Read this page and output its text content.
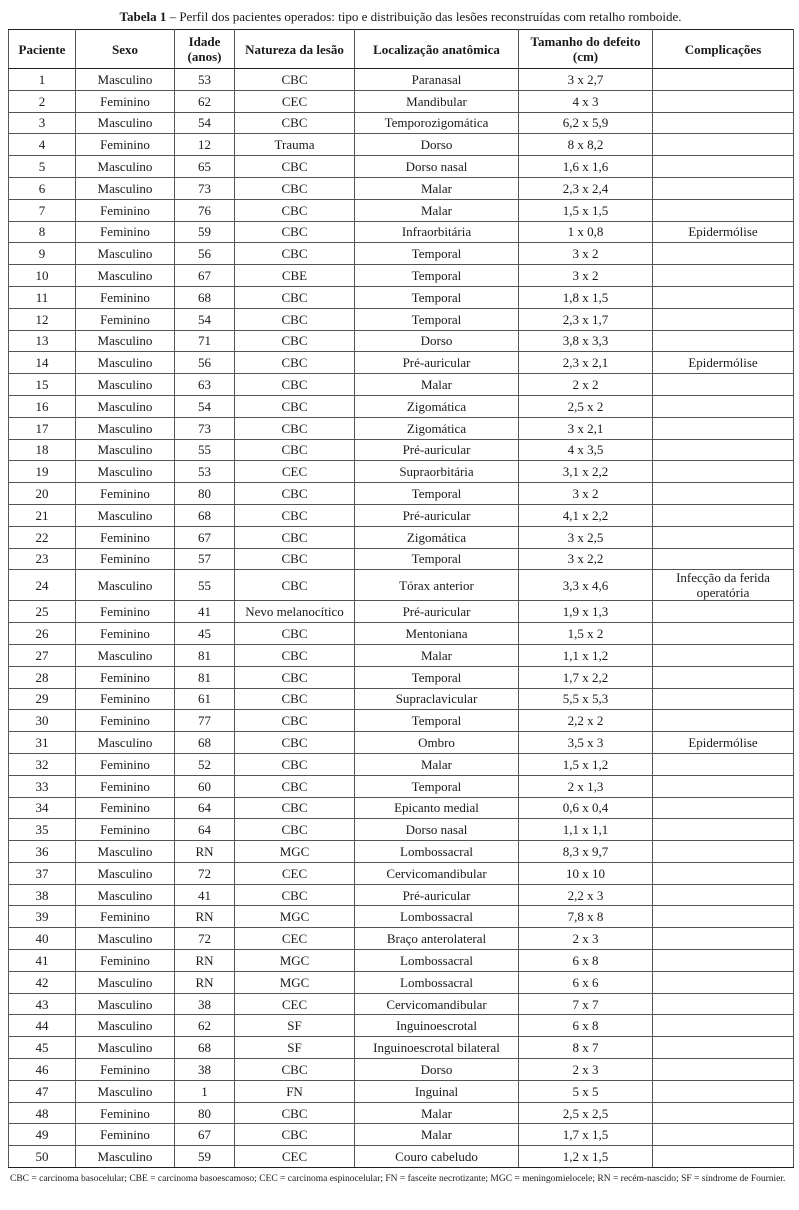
Tabela 1 – Perfil dos pacientes operados: tipo e distribuição das lesões reconstruídas com retalho romboide.
Paciente	Sexo	Idade (anos)	Natureza da lesão	Localização anatômica	Tamanho do defeito (cm)	Complicações
1	Masculino	53	CBC	Paranasal	3 x 2,7	
2	Feminino	62	CEC	Mandibular	4 x 3	
3	Masculino	54	CBC	Temporozigomática	6,2 x 5,9	
4	Feminino	12	Trauma	Dorso	8 x 8,2	
5	Masculino	65	CBC	Dorso nasal	1,6 x 1,6	
6	Masculino	73	CBC	Malar	2,3 x 2,4	
7	Feminino	76	CBC	Malar	1,5 x 1,5	
8	Feminino	59	CBC	Infraorbitária	1 x 0,8	Epidermólise
9	Masculino	56	CBC	Temporal	3 x 2	
10	Masculino	67	CBE	Temporal	3 x 2	
11	Feminino	68	CBC	Temporal	1,8 x 1,5	
12	Feminino	54	CBC	Temporal	2,3 x 1,7	
13	Masculino	71	CBC	Dorso	3,8 x 3,3	
14	Masculino	56	CBC	Pré-auricular	2,3 x 2,1	Epidermólise
15	Masculino	63	CBC	Malar	2 x 2	
16	Masculino	54	CBC	Zigomática	2,5 x 2	
17	Masculino	73	CBC	Zigomática	3 x 2,1	
18	Masculino	55	CBC	Pré-auricular	4 x 3,5	
19	Masculino	53	CEC	Supraorbitária	3,1 x 2,2	
20	Feminino	80	CBC	Temporal	3 x 2	
21	Masculino	68	CBC	Pré-auricular	4,1 x 2,2	
22	Feminino	67	CBC	Zigomática	3 x 2,5	
23	Feminino	57	CBC	Temporal	3 x 2,2	
24	Masculino	55	CBC	Tórax anterior	3,3 x 4,6	Infecção da ferida operatória
25	Feminino	41	Nevo melanocítico	Pré-auricular	1,9 x 1,3	
26	Feminino	45	CBC	Mentoniana	1,5 x 2	
27	Masculino	81	CBC	Malar	1,1 x 1,2	
28	Feminino	81	CBC	Temporal	1,7 x 2,2	
29	Feminino	61	CBC	Supraclavicular	5,5 x 5,3	
30	Feminino	77	CBC	Temporal	2,2 x 2	
31	Masculino	68	CBC	Ombro	3,5 x 3	Epidermólise
32	Feminino	52	CBC	Malar	1,5 x 1,2	
33	Feminino	60	CBC	Temporal	2 x 1,3	
34	Feminino	64	CBC	Epicanto medial	0,6 x 0,4	
35	Feminino	64	CBC	Dorso nasal	1,1 x 1,1	
36	Masculino	RN	MGC	Lombossacral	8,3 x 9,7	
37	Masculino	72	CEC	Cervicomandibular	10 x 10	
38	Masculino	41	CBC	Pré-auricular	2,2 x 3	
39	Feminino	RN	MGC	Lombossacral	7,8 x 8	
40	Masculino	72	CEC	Braço anterolateral	2 x 3	
41	Feminino	RN	MGC	Lombossacral	6 x 8	
42	Masculino	RN	MGC	Lombossacral	6 x 6	
43	Masculino	38	CEC	Cervicomandibular	7 x 7	
44	Masculino	62	SF	Inguinoescrotal	6 x 8	
45	Masculino	68	SF	Inguinoescrotal bilateral	8 x 7	
46	Feminino	38	CBC	Dorso	2 x 3	
47	Masculino	1	FN	Inguinal	5 x 5	
48	Feminino	80	CBC	Malar	2,5 x 2,5	
49	Feminino	67	CBC	Malar	1,7 x 1,5	
50	Masculino	59	CEC	Couro cabeludo	1,2 x 1,5	
CBC = carcinoma basocelular; CBE = carcinoma basoescamoso; CEC = carcinoma espinocelular; FN = fasceíte necrotizante; MGC = meningomielocele; RN = recém-nascido; SF = síndrome de Fournier.
